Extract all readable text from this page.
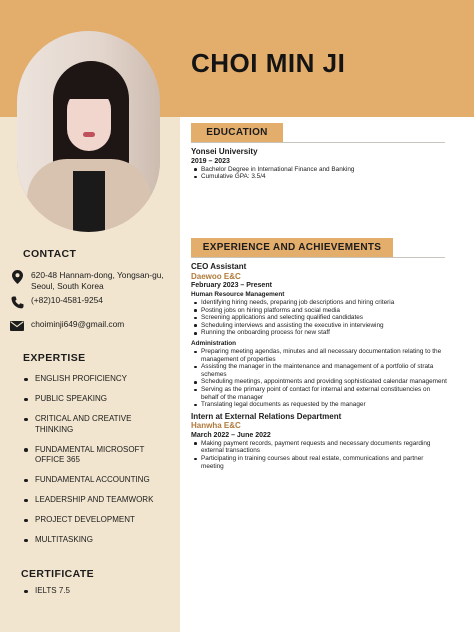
CHOI MIN JI
CONTACT
620-48 Hannam-dong, Yongsan-gu, Seoul, South Korea
(+82)10-4581-9254
choiminji649@gmail.com
EXPERTISE
ENGLISH PROFICIENCY
PUBLIC SPEAKING
CRITICAL AND CREATIVE THINKING
FUNDAMENTAL MICROSOFT OFFICE 365
FUNDAMENTAL ACCOUNTING
LEADERSHIP AND TEAMWORK
PROJECT DEVELOPMENT
MULTITASKING
CERTIFICATE
IELTS 7.5
EDUCATION
Yonsei University
2019 – 2023
Bachelor Degree in International Finance and Banking
Cumulative GPA: 3.5/4
EXPERIENCE AND ACHIEVEMENTS
CEO Assistant
Daewoo E&C
February 2023 – Present
Human Resource Management
Identifying hiring needs, preparing job descriptions and hiring criteria
Posting jobs on hiring platforms and social media
Screening applications and selecting qualified candidates
Scheduling interviews and assisting the executive in interviewing
Running the onboarding process for new staff
Administration
Preparing meeting agendas, minutes and all necessary documentation relating to the management of properties
Assisting the manager in the maintenance and management of a portfolio of strata schemes
Scheduling meetings, appointments and providing sophisticated calendar management
Serving as the primary point of contact for internal and external constituencies on behalf of the manager
Translating legal documents as requested by the manager
Intern at External Relations Department
Hanwha E&C
March 2022 – June 2022
Making payment records, payment requests and necessary documents regarding external transactions
Participating in training courses about real estate, communications and partner meeting
